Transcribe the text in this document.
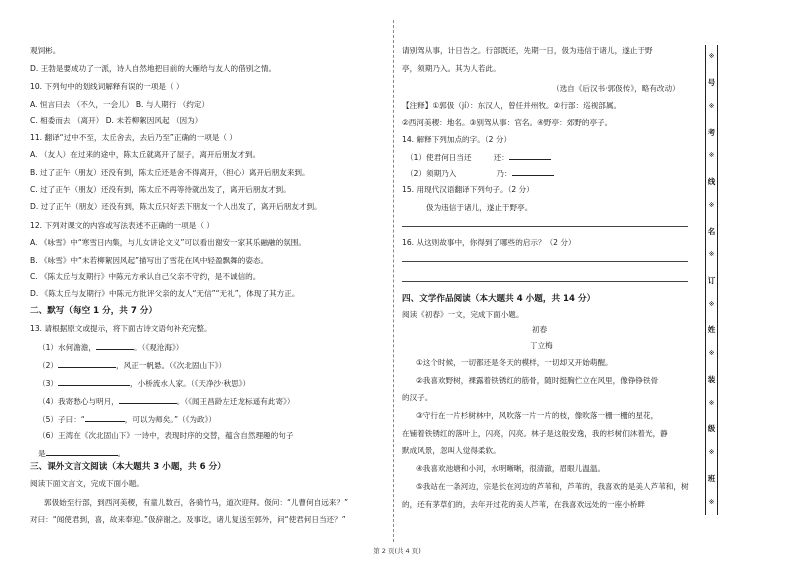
观饲彬。
D. 王勃是要成功了一派，诗人自然地把目前的大雁给与友人的借别之情。
10. 下列句中的划线词解释有误的一项是（ ）
A. 恒言曰去 （不久，一会儿） B. 与人期行 （约定）
C. 相委而去 （离开） D. 未若柳絮因风起 （因为）
11. 翻译“过中不至，太丘舍去，去后乃至”正确的一项是（ ）
A. （友人）在过来的途中，陈太丘就离开了屋子，离开后朋友才到。
B. 过了正午（朋友）还没有到，陈太丘还是舍不得离开，（担心）离开后朋友来到。
C. 过了正午（朋友）还没有到，陈太丘不再等待就出发了，离开后朋友才到。
D. 过了正午（朋友）还没有到，陈太丘只好丢下朋友一个人出发了，离开后朋友才到。
12. 下列对课文的内容或写法表述不正确的一项是（ ）
A. 《咏雪》中“寒雪日内集，与儿女讲论文义”可以看出谢安一家其乐融融的氛围。
B. 《咏雪》中“未若柳絮因风起”描写出了雪花在风中轻盈飘舞的姿态。
C. 《陈太丘与友期行》中陈元方承认自己父亲不守约，是不诚信的。
D. 《陈太丘与友期行》中陈元方批评父亲的友人“无信”“无礼”，体现了其方正。
二、默写（每空 1 分，共 7 分）
13. 请根据原文或提示，将下面古诗文语句补充完整。
（1）水何澹澹，	。（《观沧海》）
（2）	，风正一帆悬。（《次北固山下》）
（3）	，小桥流水人家。（《天净沙·秋思》）
（4）我寄愁心与明月，	。（《闻王昌龄左迁龙标遥有此寄》）
（5）子曰：“	，可以为师矣。”（《为政》）
（6）王湾在《次北固山下》一诗中，表现时序的交替，蕴含自然理趣的句子
是	。
三、课外文言文阅读（本大题共 3 小题，共 6 分）
阅读下面文言文，完成下面小题。
郭伋始至行部，到西河美稷，有童儿数百，各骑竹马，道次迎拜。伋问：“儿曹何自远来？”
对曰：“闻使君到，喜，故来奉迎。”伋辞谢之。及事讫，诸儿复送至郭外，问“使君何日当还？”
请别驾从事，计日告之。行部既还，先期一日，伋为违信于诸儿，遂止于野
亭，须期乃入。其为人若此。
（选自《后汉书·郭伋传》，略有改动）
【注释】①郭伋（jí）：东汉人，曾任并州牧。②行部：巡视部属。
②西河美稷：地名。③别驾从事：官名。④野亭：郊野的亭子。
14. 解释下列加点的字。（2 分）
（1）使君何日当还	还：
（2）须期乃入	乃：
15. 用现代汉语翻译下列句子。（2 分）
伋为违信于诸儿，遂止于野亭。
16. 从这则故事中，你得到了哪些的启示？（2 分）
四、文学作品阅读（本大题共 4 小题，共 14 分）
阅读《初春》一文，完成下面小题。
初春
丁立梅
①这个时候，一切都还是冬天的模样，一切却又开始萌醒。
②我喜欢野树，裸露着铁锈红的筋骨，随时挺胸伫立在风里，像铮铮铁骨
的汉子。
③守行在一片杉树林中，风吹落一片一片的枝，像吹落一栅一栅的星花，
在铺着铁锈红的落叶上，闪亮，闪亮。林子是这般安逸，我的杉树们沐着光，静
默成风景，忽叫人觉得柔软。
④我喜欢池塘和小河，水明晰晰，很清澈，眉眼儿温温。
⑤我站在一条河边，宗是长在河边的芦苇和，芦苇的，我喜欢的是美人芦苇和，树
的，还有茅草们的，去年开过花的美人芦苇，在我喜欢远处的一座小桥畔
※
号
※
考
※
线
※
名
※
订
※
姓
※
装
※
级
※
班
※
第 2 页(共 4 页)
